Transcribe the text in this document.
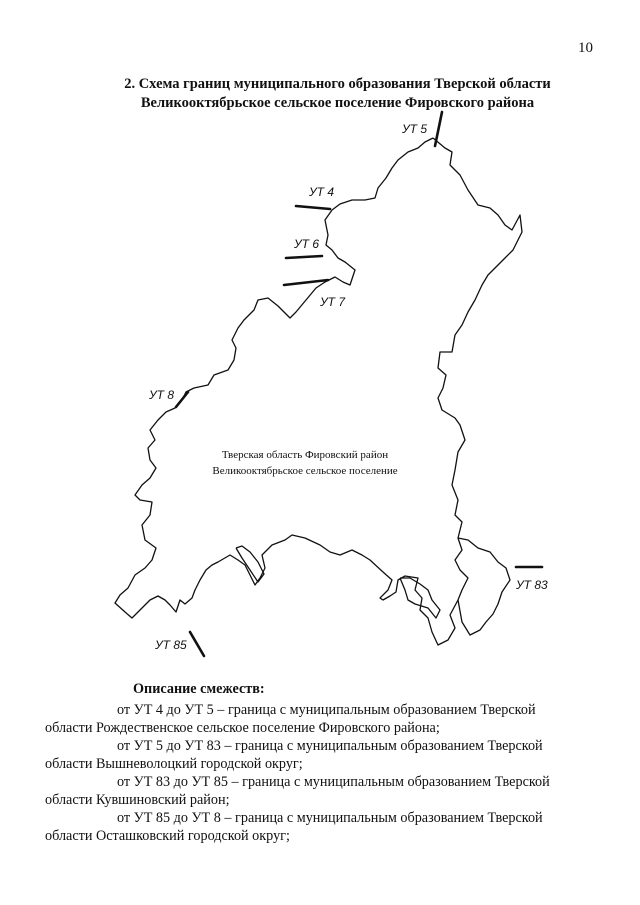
10
2. Схема границ муниципального образования Тверской области
Великооктябрьское сельское поселение Фировского района
Тверская область Фировский район
Великооктябрьское сельское поселение
УТ 5
УТ 4
УТ 6
УТ 7
УТ 8
УТ 83
УТ 85
Описание смежеств:

от УТ 4 до УТ 5 – граница с муниципальным образованием Тверской

области Рождественское сельское поселение Фировского района;

от УТ 5 до УТ 83 – граница с муниципальным образованием Тверской

области Вышневолоцкий городской округ;

от УТ 83 до УТ 85 – граница с муниципальным образованием Тверской

области Кувшиновский район;

от УТ 85 до УТ 8 – граница с муниципальным образованием Тверской

области Осташковский городской округ;
